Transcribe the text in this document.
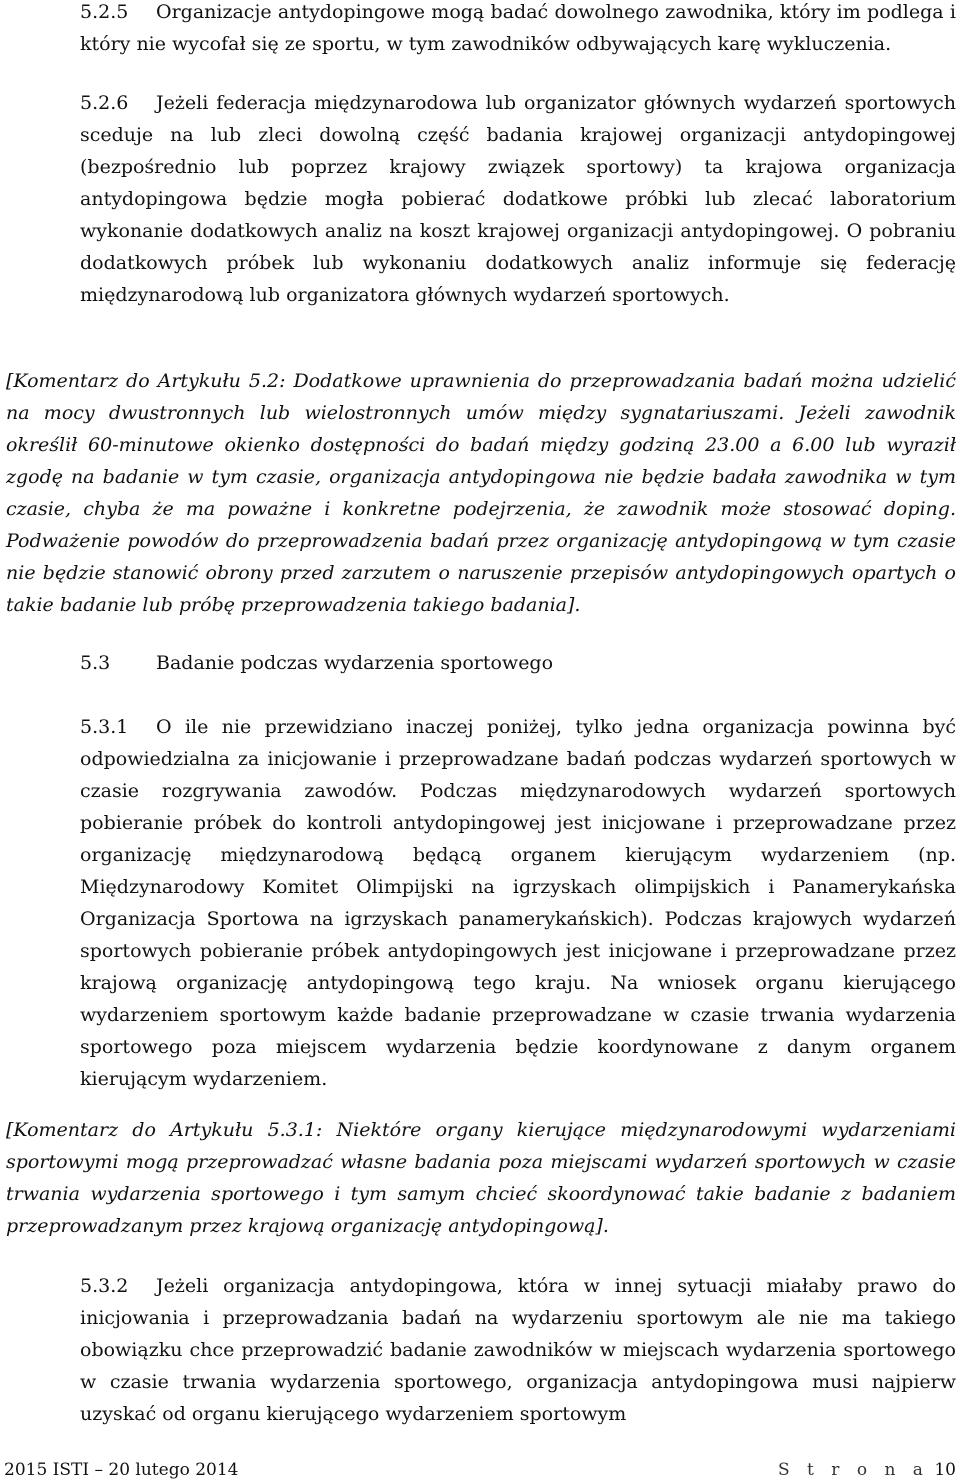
5.2.5 Organizacje antydopingowe mogą badać dowolnego zawodnika, który im podlega i który nie wycofał się ze sportu, w tym zawodników odbywających karę wykluczenia.

5.2.6 Jeżeli federacja międzynarodowa lub organizator głównych wydarzeń sportowych sceduje na lub zleci dowolną część badania krajowej organizacji antydopingowej (bezpośrednio lub poprzez krajowy związek sportowy) ta krajowa organizacja antydopingowa będzie mogła pobierać dodatkowe próbki lub zlecać laboratorium wykonanie dodatkowych analiz na koszt krajowej organizacji antydopingowej. O pobraniu dodatkowych próbek lub wykonaniu dodatkowych analiz informuje się federację międzynarodową lub organizatora głównych wydarzeń sportowych.

[Komentarz do Artykułu 5.2: Dodatkowe uprawnienia do przeprowadzania badań można udzielić na mocy dwustronnych lub wielostronnych umów między sygnatariuszami. Jeżeli zawodnik określił 60-minutowe okienko dostępności do badań między godziną 23.00 a 6.00 lub wyraził zgodę na badanie w tym czasie, organizacja antydopingowa nie będzie badała zawodnika w tym czasie, chyba że ma poważne i konkretne podejrzenia, że zawodnik może stosować doping. Podważenie powodów do przeprowadzenia badań przez organizację antydopingową w tym czasie nie będzie stanowić obrony przed zarzutem o naruszenie przepisów antydopingowych opartych o takie badanie lub próbę przeprowadzenia takiego badania].

5.3 Badanie podczas wydarzenia sportowego

5.3.1 O ile nie przewidziano inaczej poniżej, tylko jedna organizacja powinna być odpowiedzialna za inicjowanie i przeprowadzane badań podczas wydarzeń sportowych w czasie rozgrywania zawodów. Podczas międzynarodowych wydarzeń sportowych pobieranie próbek do kontroli antydopingowej jest inicjowane i przeprowadzane przez organizację międzynarodową będącą organem kierującym wydarzeniem (np. Międzynarodowy Komitet Olimpijski na igrzyskach olimpijskich i Panamerykańska Organizacja Sportowa na igrzyskach panamerykańskich). Podczas krajowych wydarzeń sportowych pobieranie próbek antydopingowych jest inicjowane i przeprowadzane przez krajową organizację antydopingową tego kraju. Na wniosek organu kierującego wydarzeniem sportowym każde badanie przeprowadzane w czasie trwania wydarzenia sportowego poza miejscem wydarzenia będzie koordynowane z danym organem kierującym wydarzeniem.

[Komentarz do Artykułu 5.3.1: Niektóre organy kierujące międzynarodowymi wydarzeniami sportowymi mogą przeprowadzać własne badania poza miejscami wydarzeń sportowych w czasie trwania wydarzenia sportowego i tym samym chcieć skoordynować takie badanie z badaniem przeprowadzanym przez krajową organizację antydopingową].

5.3.2 Jeżeli organizacja antydopingowa, która w innej sytuacji miałaby prawo do inicjowania i przeprowadzania badań na wydarzeniu sportowym ale nie ma takiego obowiązku chce przeprowadzić badanie zawodników w miejscach wydarzenia sportowego w czasie trwania wydarzenia sportowego, organizacja antydopingowa musi najpierw uzyskać od organu kierującego wydarzeniem sportowym

2015 ISTI – 20 lutego 2014	S t r o n a 10
